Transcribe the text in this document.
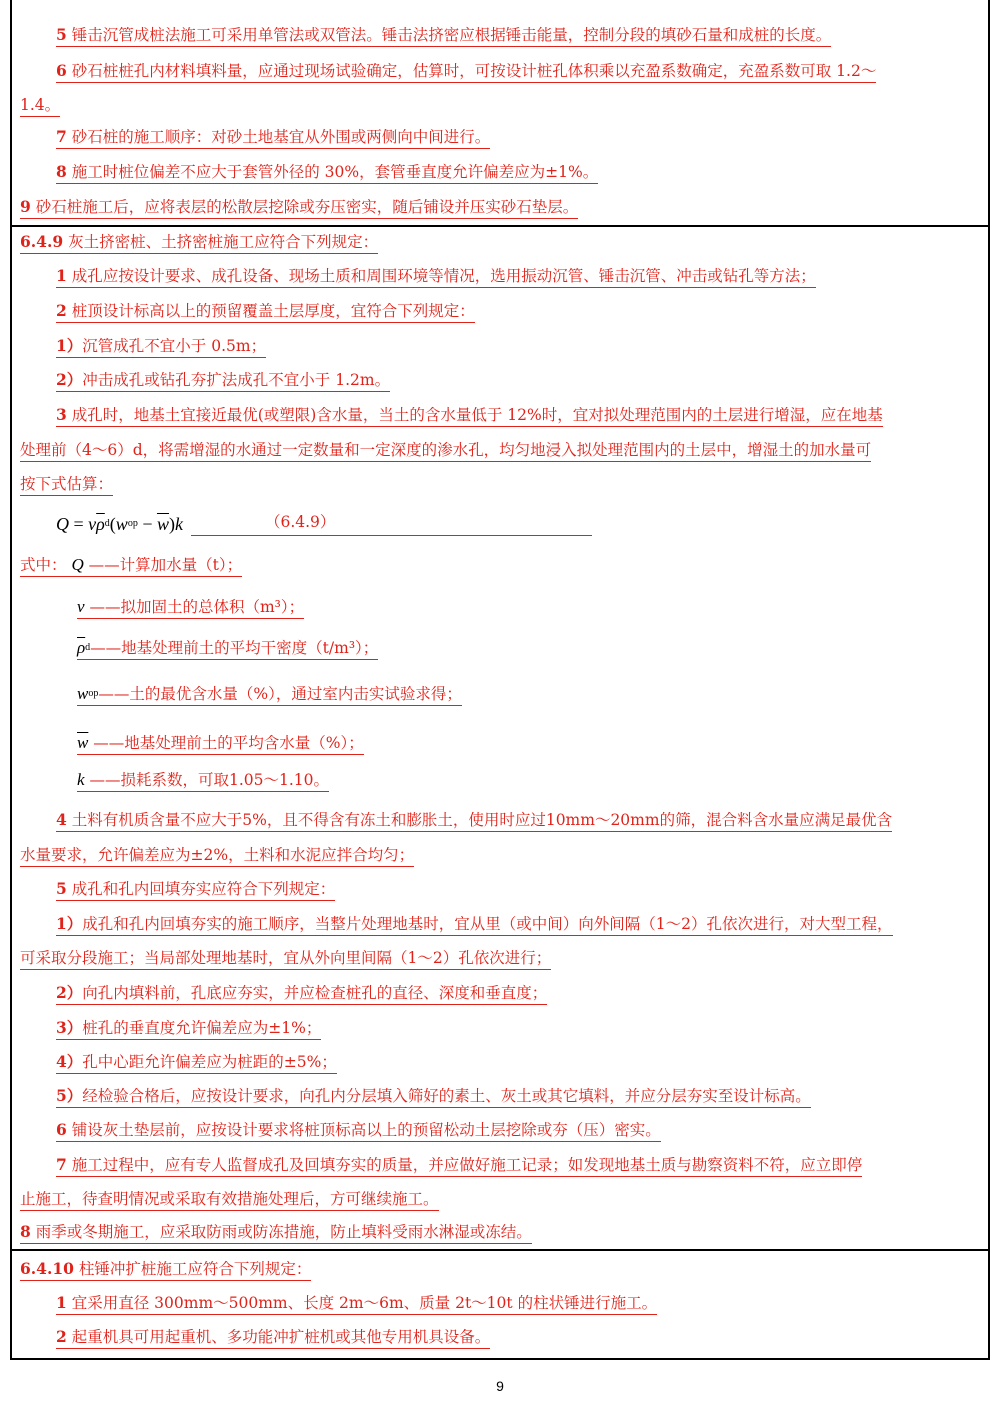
5
锤击沉管成桩法施工可采用单管法或双管法。锤击法挤密应根据锤击能量，控制分段的填砂石量和成桩的长度。
6
砂石桩桩孔内材料填料量，应通过现场试验确定，估算时，可按设计桩孔体积乘以充盈系数确定，充盈系数可取 1.2～
1.4。
7
砂石桩的施工顺序：对砂土地基宜从外围或两侧向中间进行。
8
施工时桩位偏差不应大于套管外径的 30%，套管垂直度允许偏差应为±1%。
9
砂石桩施工后，应将表层的松散层挖除或夯压密实，随后铺设并压实砂石垫层。
6.4.9
灰土挤密桩、土挤密桩施工应符合下列规定：
1
成孔应按设计要求、成孔设备、现场土质和周围环境等情况，选用振动沉管、锤击沉管、冲击或钻孔等方法；
2
桩顶设计标高以上的预留覆盖土层厚度，宜符合下列规定：
1） 沉管成孔不宜小于 0.5m；
2） 冲击成孔或钻孔夯扩法成孔不宜小于 1.2m。
3
成孔时，地基土宜接近最优(或塑限)含水量，当土的含水量低于 12%时，宜对拟处理范围内的土层进行增湿，应在地基
处理前（4～6）d，将需增湿的水通过一定数量和一定深度的渗水孔，均匀地浸入拟处理范围内的土层中，增湿土的加水量可
按下式估算：
Q = v $\overline{\rho}$ d ( w op − $\overline{w}$ ) k	（6.4.9）
式中：
Q
——计算加水量（t）；
v
——拟加固土的总体积（m³）；
$\overline{\rho}$ d ——地基处理前土的平均干密度（t/m³）；
w op ——土的最优含水量（%），通过室内击实试验求得；
$\overline{w}$
——地基处理前土的平均含水量（%）；
k
——损耗系数，可取1.05～1.10。
4
土料有机质含量不应大于5%，且不得含有冻土和膨胀土，使用时应过10mm～20mm的筛，混合料含水量应满足最优含
水量要求，允许偏差应为±2%，土料和水泥应拌合均匀；
5
成孔和孔内回填夯实应符合下列规定：
1） 成孔和孔内回填夯实的施工顺序，当整片处理地基时，宜从里（或中间）向外间隔（1～2）孔依次进行，对大型工程，
可采取分段施工；当局部处理地基时，宜从外向里间隔（1～2）孔依次进行；
2） 向孔内填料前，孔底应夯实，并应检查桩孔的直径、深度和垂直度；
3） 桩孔的垂直度允许偏差应为±1%；
4） 孔中心距允许偏差应为桩距的±5%；
5） 经检验合格后，应按设计要求，向孔内分层填入筛好的素土、灰土或其它填料，并应分层夯实至设计标高。
6
铺设灰土垫层前，应按设计要求将桩顶标高以上的预留松动土层挖除或夯（压）密实。
7
施工过程中，应有专人监督成孔及回填夯实的质量，并应做好施工记录；如发现地基土质与勘察资料不符，应立即停
止施工，待查明情况或采取有效措施处理后，方可继续施工。
8
雨季或冬期施工，应采取防雨或防冻措施，防止填料受雨水淋湿或冻结。
6.4.10
柱锤冲扩桩施工应符合下列规定：
1
宜采用直径 300mm～500mm、长度 2m～6m、质量 2t～10t 的柱状锤进行施工。
2
起重机具可用起重机、多功能冲扩桩机或其他专用机具设备。
9
